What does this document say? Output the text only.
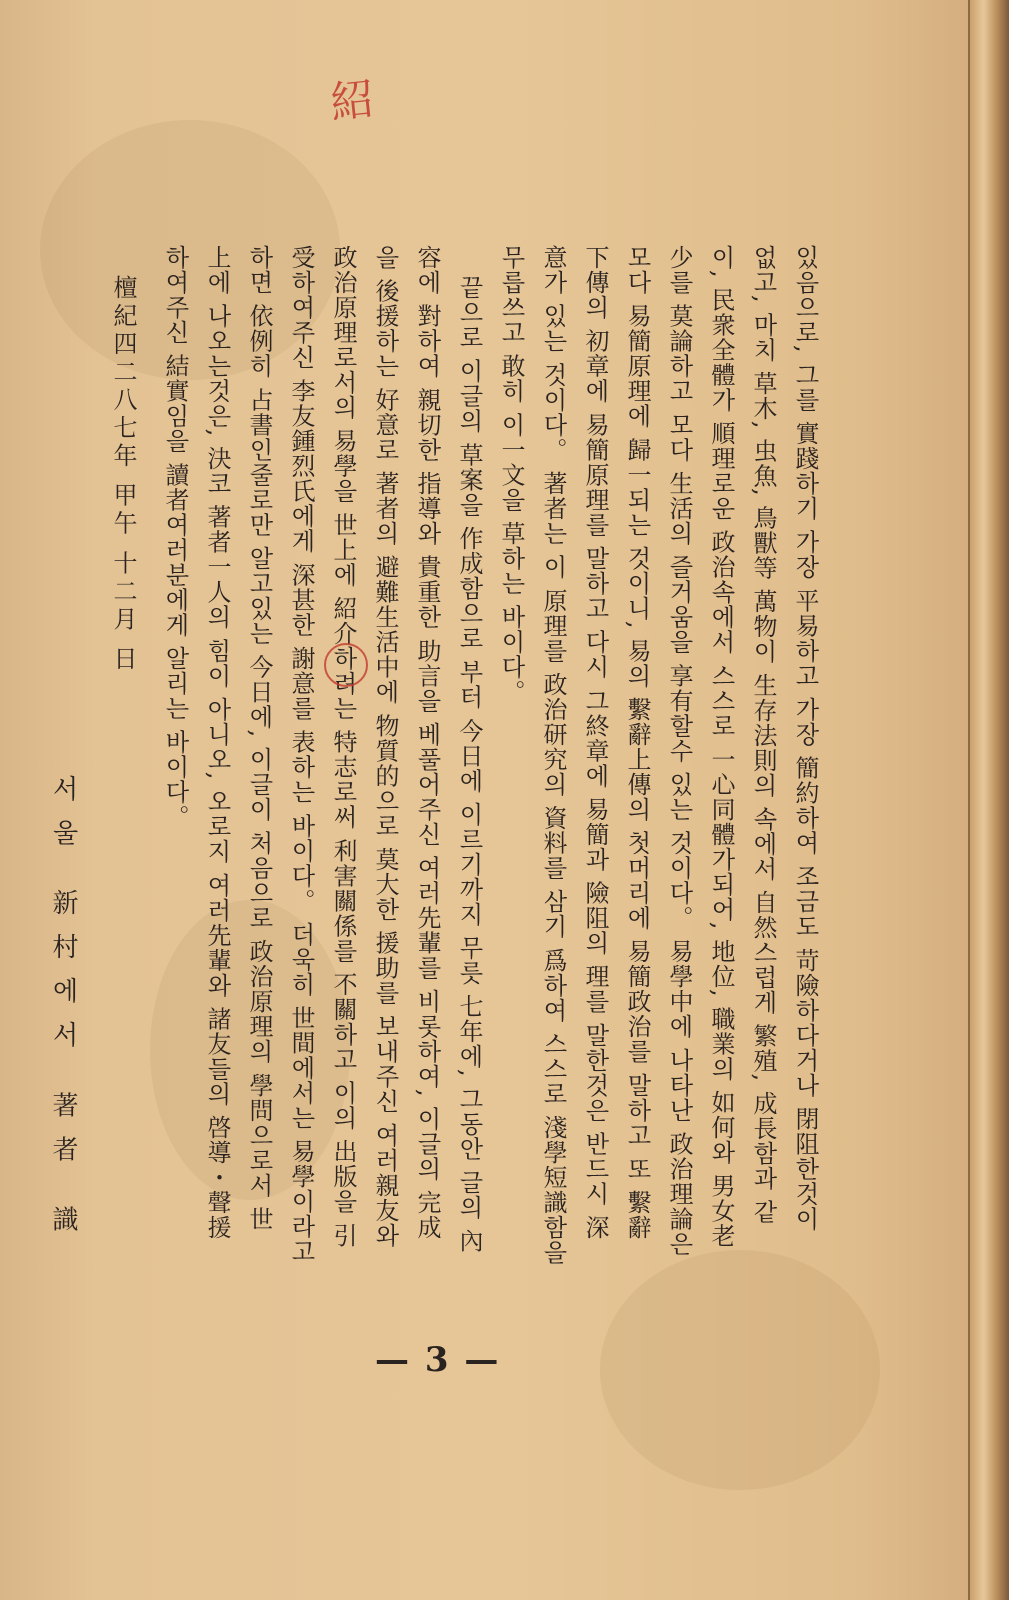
紹
있음으로, 그를 實踐하기 가장 平易하고 가장 簡約하여 조금도 苛險하다거나 閉阻한것이
없고, 마치 草木, 虫魚, 鳥獸等 萬物이 生存法則의 속에서 自然스럽게 繁殖, 成長함과 같
이, 民衆全體가 順理로운 政治속에서 스스로 一心同體가되어, 地位, 職業의 如何와 男女老
少를 莫論하고 모다 生活의 즐거움을 享有할수 있는 것이다。 易學中에 나타난 政治理論은
모다 易簡原理에 歸一되는 것이니, 易의 繫辭上傳의 첫머리에 易簡政治를 말하고 또 繫辭
下傳의 初章에 易簡原理를 말하고 다시 그終章에 易簡과 險阻의 理를 말한것은 반드시 深
意가 있는 것이다。 著者는 이 原理를 政治研究의 資料를 삼기 爲하여 스스로 淺學短識함을
무릅쓰고 敢히 이一文을 草하는 바이다。
끝으로 이글의 草案을 作成함으로 부터 今日에 이르기까지 무릇 七年에, 그동안 글의 內
容에 對하여 親切한 指導와 貴重한 助言을 베풀어주신 여러先輩를 비롯하여, 이글의 完成
을 後援하는 好意로 著者의 避難生活中에 物質的으로 莫大한 援助를 보내주신 여러親友와
政治原理로서의 易學을 世上에 紹介하려는 特志로써 利害關係를 不關하고 이의 出版을 引
受하여주신 李友鍾烈氏에게 深甚한 謝意를 表하는 바이다。 더욱히 世間에서는 易學이라고
하면 依例히 占書인줄로만 알고있는 今日에, 이글이 처음으로 政治原理의 學問으로서 世
上에 나오는것은, 決코 著者一人의 힘이 아니오, 오로지 여러先輩와 諸友들의 啓導・聲援
하여주신 結實임을 讀者여러분에게 알리는 바이다。
檀紀四二八七年 甲午 十二月 日
서울 新村에서 著者 識
— 3 —
